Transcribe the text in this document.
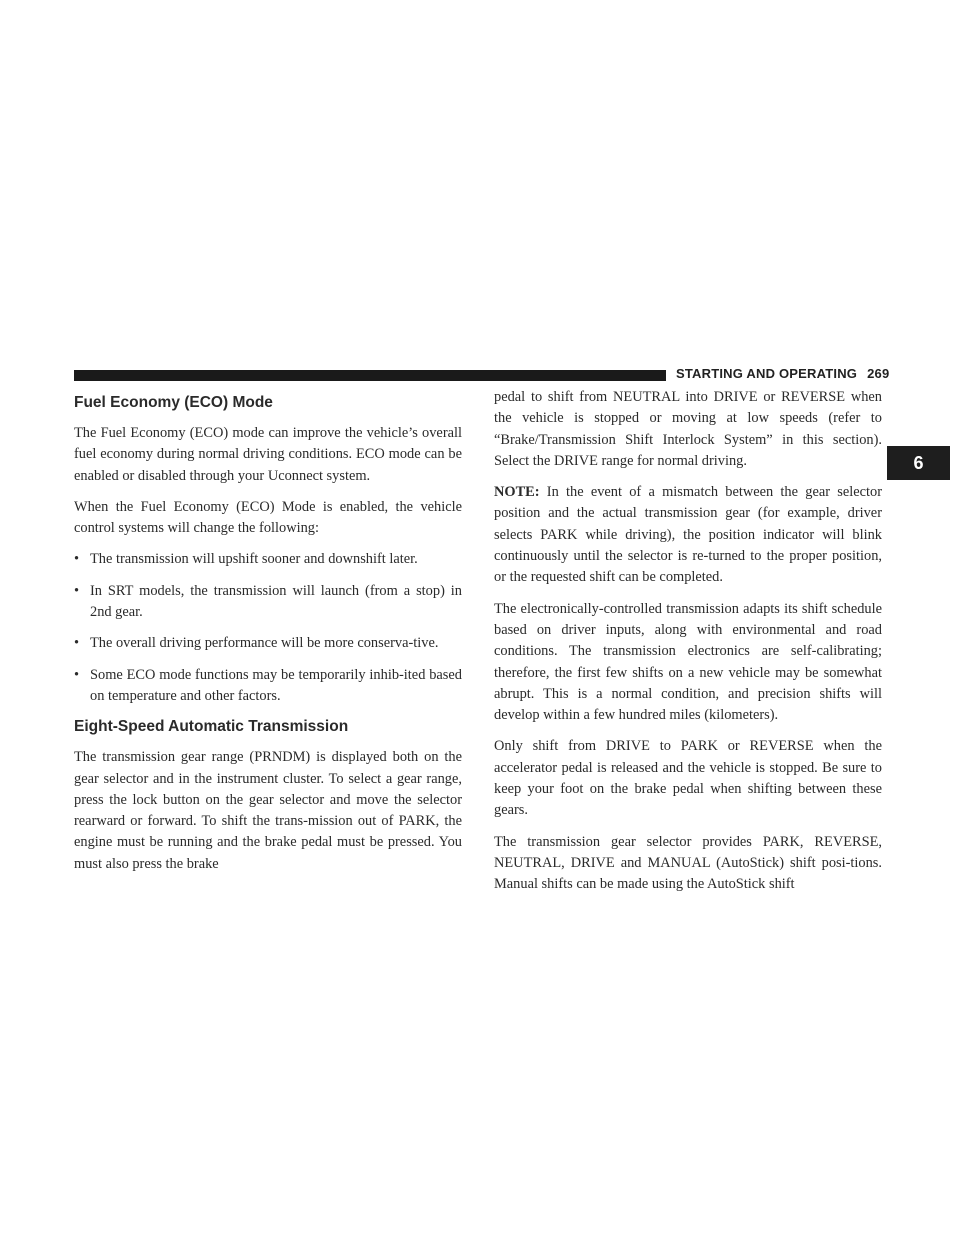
STARTING AND OPERATING 269
6
Fuel Economy (ECO) Mode

The Fuel Economy (ECO) mode can improve the vehicle’s overall fuel economy during normal driving conditions. ECO mode can be enabled or disabled through your Uconnect system.

When the Fuel Economy (ECO) Mode is enabled, the vehicle control systems will change the following:

• The transmission will upshift sooner and downshift later.
• In SRT models, the transmission will launch (from a stop) in 2nd gear.
• The overall driving performance will be more conserva-tive.
• Some ECO mode functions may be temporarily inhib-ited based on temperature and other factors.
Eight-Speed Automatic Transmission

The transmission gear range (PRNDM) is displayed both on the gear selector and in the instrument cluster. To select a gear range, press the lock button on the gear selector and move the selector rearward or forward. To shift the trans-mission out of PARK, the engine must be running and the brake pedal must be pressed. You must also press the brake

pedal to shift from NEUTRAL into DRIVE or REVERSE when the vehicle is stopped or moving at low speeds (refer to “Brake/Transmission Shift Interlock System” in this section). Select the DRIVE range for normal driving.

NOTE: In the event of a mismatch between the gear selector position and the actual transmission gear (for example, driver selects PARK while driving), the position indicator will blink continuously until the selector is re-turned to the proper position, or the requested shift can be completed.

The electronically-controlled transmission adapts its shift schedule based on driver inputs, along with environmental and road conditions. The transmission electronics are self-calibrating; therefore, the first few shifts on a new vehicle may be somewhat abrupt. This is a normal condition, and precision shifts will develop within a few hundred miles (kilometers).

Only shift from DRIVE to PARK or REVERSE when the accelerator pedal is released and the vehicle is stopped. Be sure to keep your foot on the brake pedal when shifting between these gears.

The transmission gear selector provides PARK, REVERSE, NEUTRAL, DRIVE and MANUAL (AutoStick) shift posi-tions. Manual shifts can be made using the AutoStick shift
